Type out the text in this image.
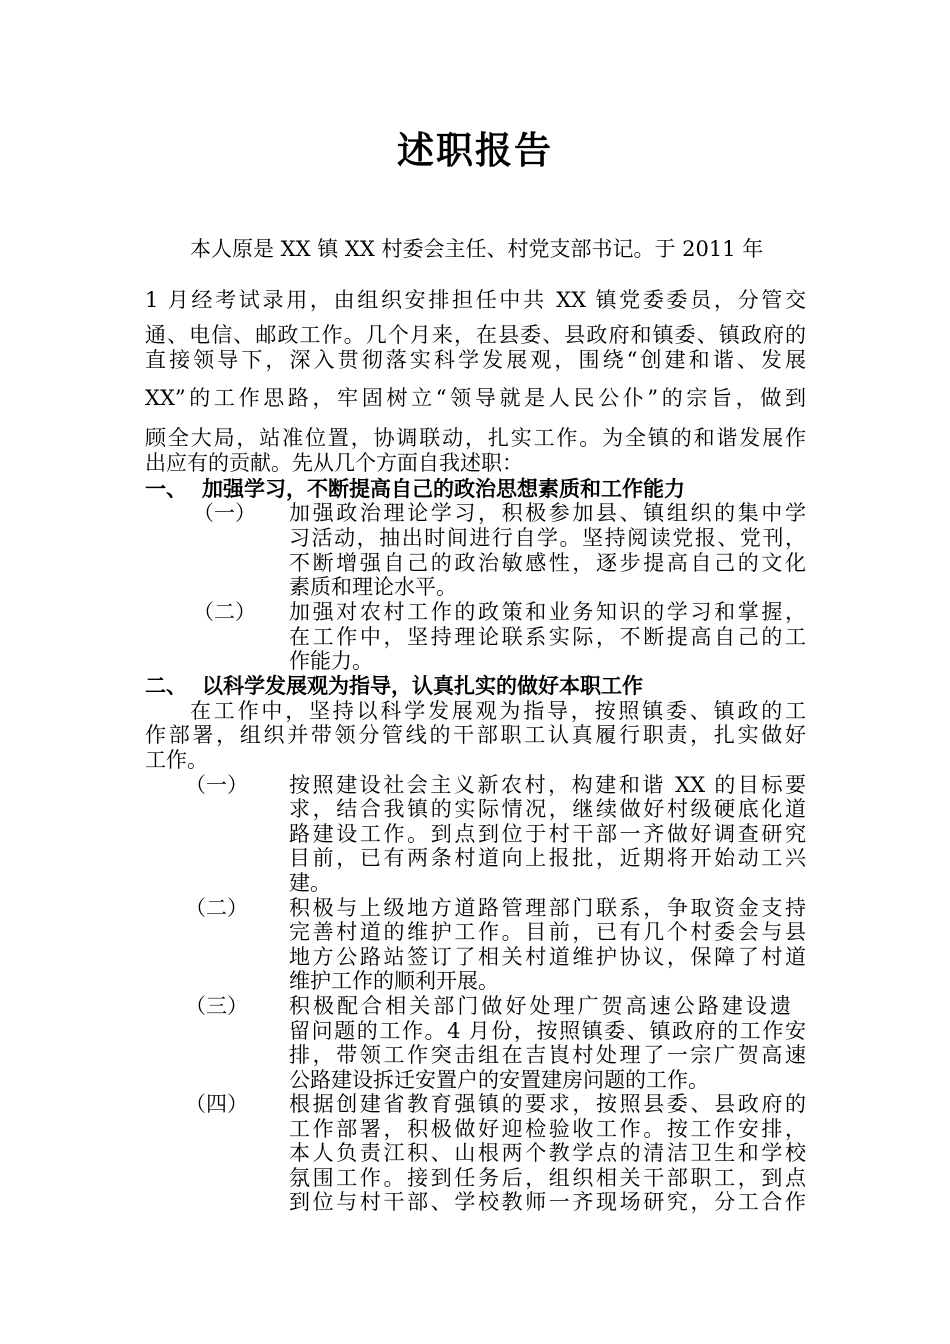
述职报告
本人原是 XX 镇 XX 村委会主任、村党支部书记。于 2011 年
1 月经考试录用，由组织安排担任中共 XX 镇党委委员，分管交
通、电信、邮政工作。几个月来，在县委、县政府和镇委、镇政府的
直接领导下，深入贯彻落实科学发展观，围绕“创建和谐、发展
XX”的工作思路，牢固树立“领导就是人民公仆”的宗旨，做到
顾全大局，站准位置，协调联动，扎实工作。为全镇的和谐发展作
出应有的贡献。先从几个方面自我述职：
一、 加强学习，不断提高自己的政治思想素质和工作能力
（一） 加强政治理论学习，积极参加县、镇组织的集中学
习活动，抽出时间进行自学。坚持阅读党报、党刊，
不断增强自己的政治敏感性，逐步提高自己的文化
素质和理论水平。
（二） 加强对农村工作的政策和业务知识的学习和掌握，
在工作中，坚持理论联系实际，不断提高自己的工
作能力。
二、 以科学发展观为指导，认真扎实的做好本职工作
在工作中，坚持以科学发展观为指导，按照镇委、镇政的工
作部署，组织并带领分管线的干部职工认真履行职责，扎实做好
工作。
（一） 按照建设社会主义新农村，构建和谐 XX 的目标要
求，结合我镇的实际情况，继续做好村级硬底化道
路建设工作。到点到位于村干部一齐做好调查研究
目前，已有两条村道向上报批，近期将开始动工兴
建。
（二） 积极与上级地方道路管理部门联系，争取资金支持
完善村道的维护工作。目前，已有几个村委会与县
地方公路站签订了相关村道维护协议，保障了村道
维护工作的顺利开展。
（三） 积极配合相关部门做好处理广贺高速公路建设遗
留问题的工作。4 月份，按照镇委、镇政府的工作安
排，带领工作突击组在吉崀村处理了一宗广贺高速
公路建设拆迁安置户的安置建房问题的工作。
（四） 根据创建省教育强镇的要求，按照县委、县政府的
工作部署，积极做好迎检验收工作。按工作安排，
本人负责江积、山根两个教学点的清洁卫生和学校
氛围工作。接到任务后，组织相关干部职工，到点
到位与村干部、学校教师一齐现场研究，分工合作
